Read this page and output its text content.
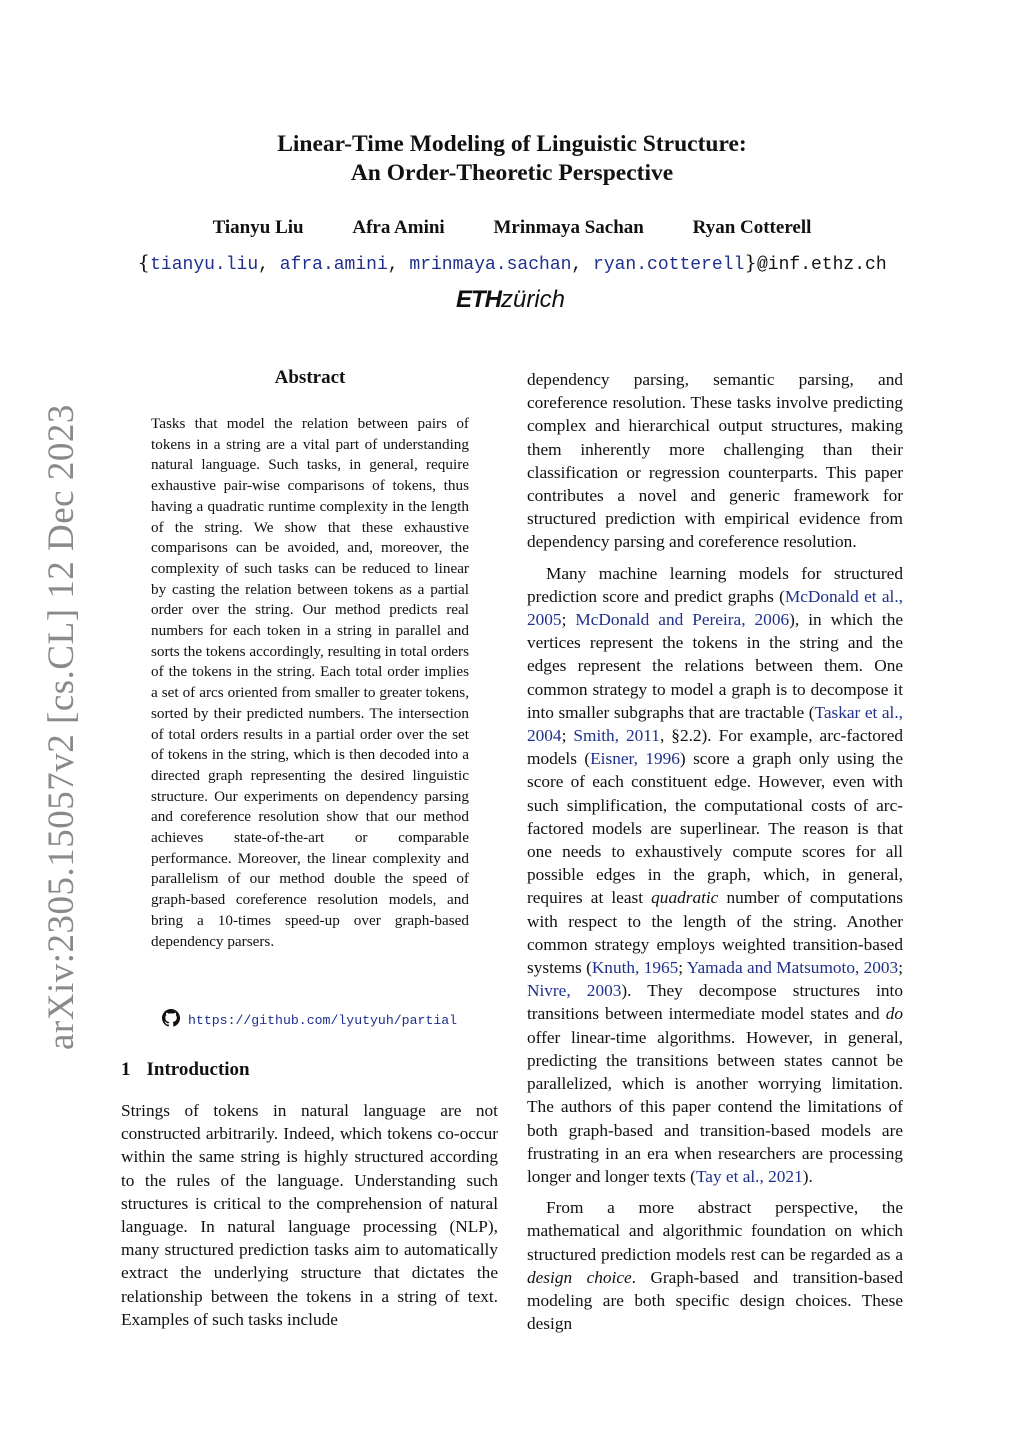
arXiv:2305.15057v2 [cs.CL] 12 Dec 2023
Linear-Time Modeling of Linguistic Structure:
An Order-Theoretic Perspective
Tianyu Liu	Afra Amini	Mrinmaya Sachan	Ryan Cotterell
{tianyu.liu, afra.amini, mrinmaya.sachan, ryan.cotterell}@inf.ethz.ch
ETHzürich
Abstract
Tasks that model the relation between pairs of tokens in a string are a vital part of understanding natural language. Such tasks, in general, require exhaustive pair-wise comparisons of tokens, thus having a quadratic runtime complexity in the length of the string. We show that these exhaustive comparisons can be avoided, and, moreover, the complexity of such tasks can be reduced to linear by casting the relation between tokens as a partial order over the string. Our method predicts real numbers for each token in a string in parallel and sorts the tokens accordingly, resulting in total orders of the tokens in the string. Each total order implies a set of arcs oriented from smaller to greater tokens, sorted by their predicted numbers. The intersection of total orders results in a partial order over the set of tokens in the string, which is then decoded into a directed graph representing the desired linguistic structure. Our experiments on dependency parsing and coreference resolution show that our method achieves state-of-the-art or comparable performance. Moreover, the linear complexity and parallelism of our method double the speed of graph-based coreference resolution models, and bring a 10-times speed-up over graph-based dependency parsers.
https://github.com/lyutyuh/partial
1 Introduction
Strings of tokens in natural language are not constructed arbitrarily. Indeed, which tokens co-occur within the same string is highly structured according to the rules of the language. Understanding such structures is critical to the comprehension of natural language. In natural language processing (NLP), many structured prediction tasks aim to automatically extract the underlying structure that dictates the relationship between the tokens in a string of text. Examples of such tasks include

dependency parsing, semantic parsing, and coreference resolution. These tasks involve predicting complex and hierarchical output structures, making them inherently more challenging than their classification or regression counterparts. This paper contributes a novel and generic framework for structured prediction with empirical evidence from dependency parsing and coreference resolution.

Many machine learning models for structured prediction score and predict graphs (McDonald et al., 2005; McDonald and Pereira, 2006), in which the vertices represent the tokens in the string and the edges represent the relations between them. One common strategy to model a graph is to decompose it into smaller subgraphs that are tractable (Taskar et al., 2004; Smith, 2011, §2.2). For example, arc-factored models (Eisner, 1996) score a graph only using the score of each constituent edge. However, even with such simplification, the computational costs of arc-factored models are superlinear. The reason is that one needs to exhaustively compute scores for all possible edges in the graph, which, in general, requires at least quadratic number of computations with respect to the length of the string. Another common strategy employs weighted transition-based systems (Knuth, 1965; Yamada and Matsumoto, 2003; Nivre, 2003). They decompose structures into transitions between intermediate model states and do offer linear-time algorithms. However, in general, predicting the transitions between states cannot be parallelized, which is another worrying limitation. The authors of this paper contend the limitations of both graph-based and transition-based models are frustrating in an era when researchers are processing longer and longer texts (Tay et al., 2021).

From a more abstract perspective, the mathematical and algorithmic foundation on which structured prediction models rest can be regarded as a design choice. Graph-based and transition-based modeling are both specific design choices. These design
